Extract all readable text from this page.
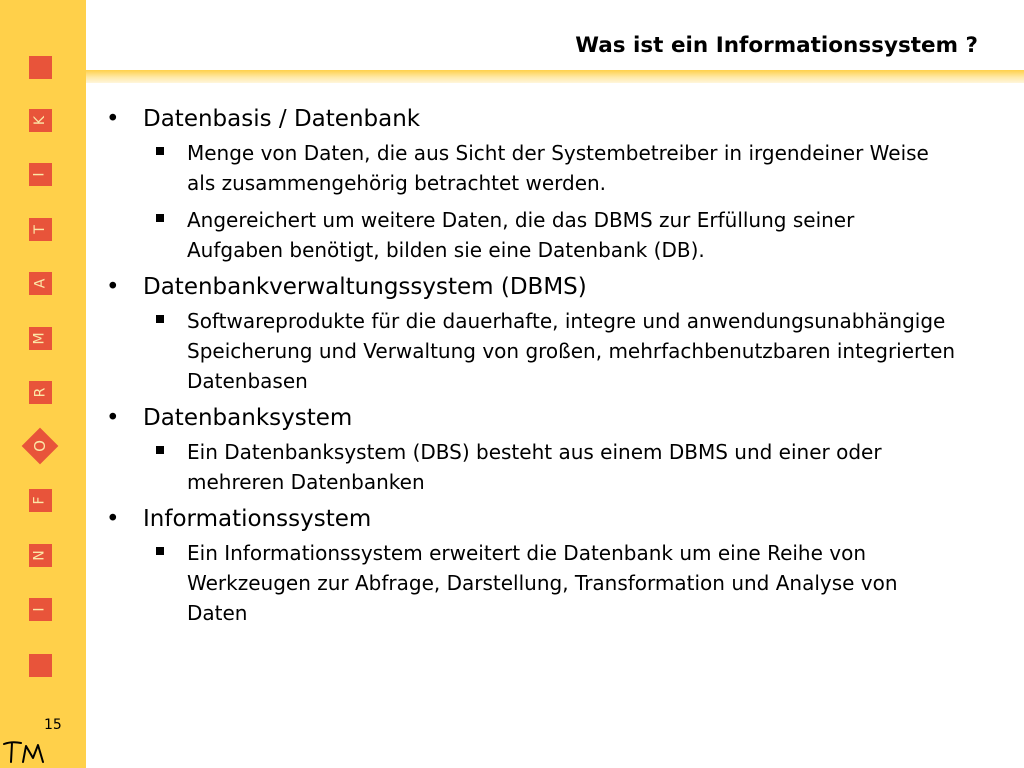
K
I
T
A
M
R
O
F
N
I
15
Was ist ein Informationssystem ?
• Datenbasis / Datenbank
Menge von Daten, die aus Sicht der Systembetreiber in irgendeiner Weise als zusammengehörig betrachtet werden.
Angereichert um weitere Daten, die das DBMS zur Erfüllung seiner Aufgaben benötigt, bilden sie eine Datenbank (DB).
• Datenbankverwaltungssystem (DBMS)
Softwareprodukte für die dauerhafte, integre und anwendungsunabhängige Speicherung und Verwaltung von großen, mehrfachbenutzbaren integrierten Datenbasen
• Datenbanksystem
Ein Datenbanksystem (DBS) besteht aus einem DBMS und einer oder mehreren Datenbanken
• Informationssystem
Ein Informationssystem erweitert die Datenbank um eine Reihe von Werkzeugen zur Abfrage, Darstellung, Transformation und Analyse von Daten
